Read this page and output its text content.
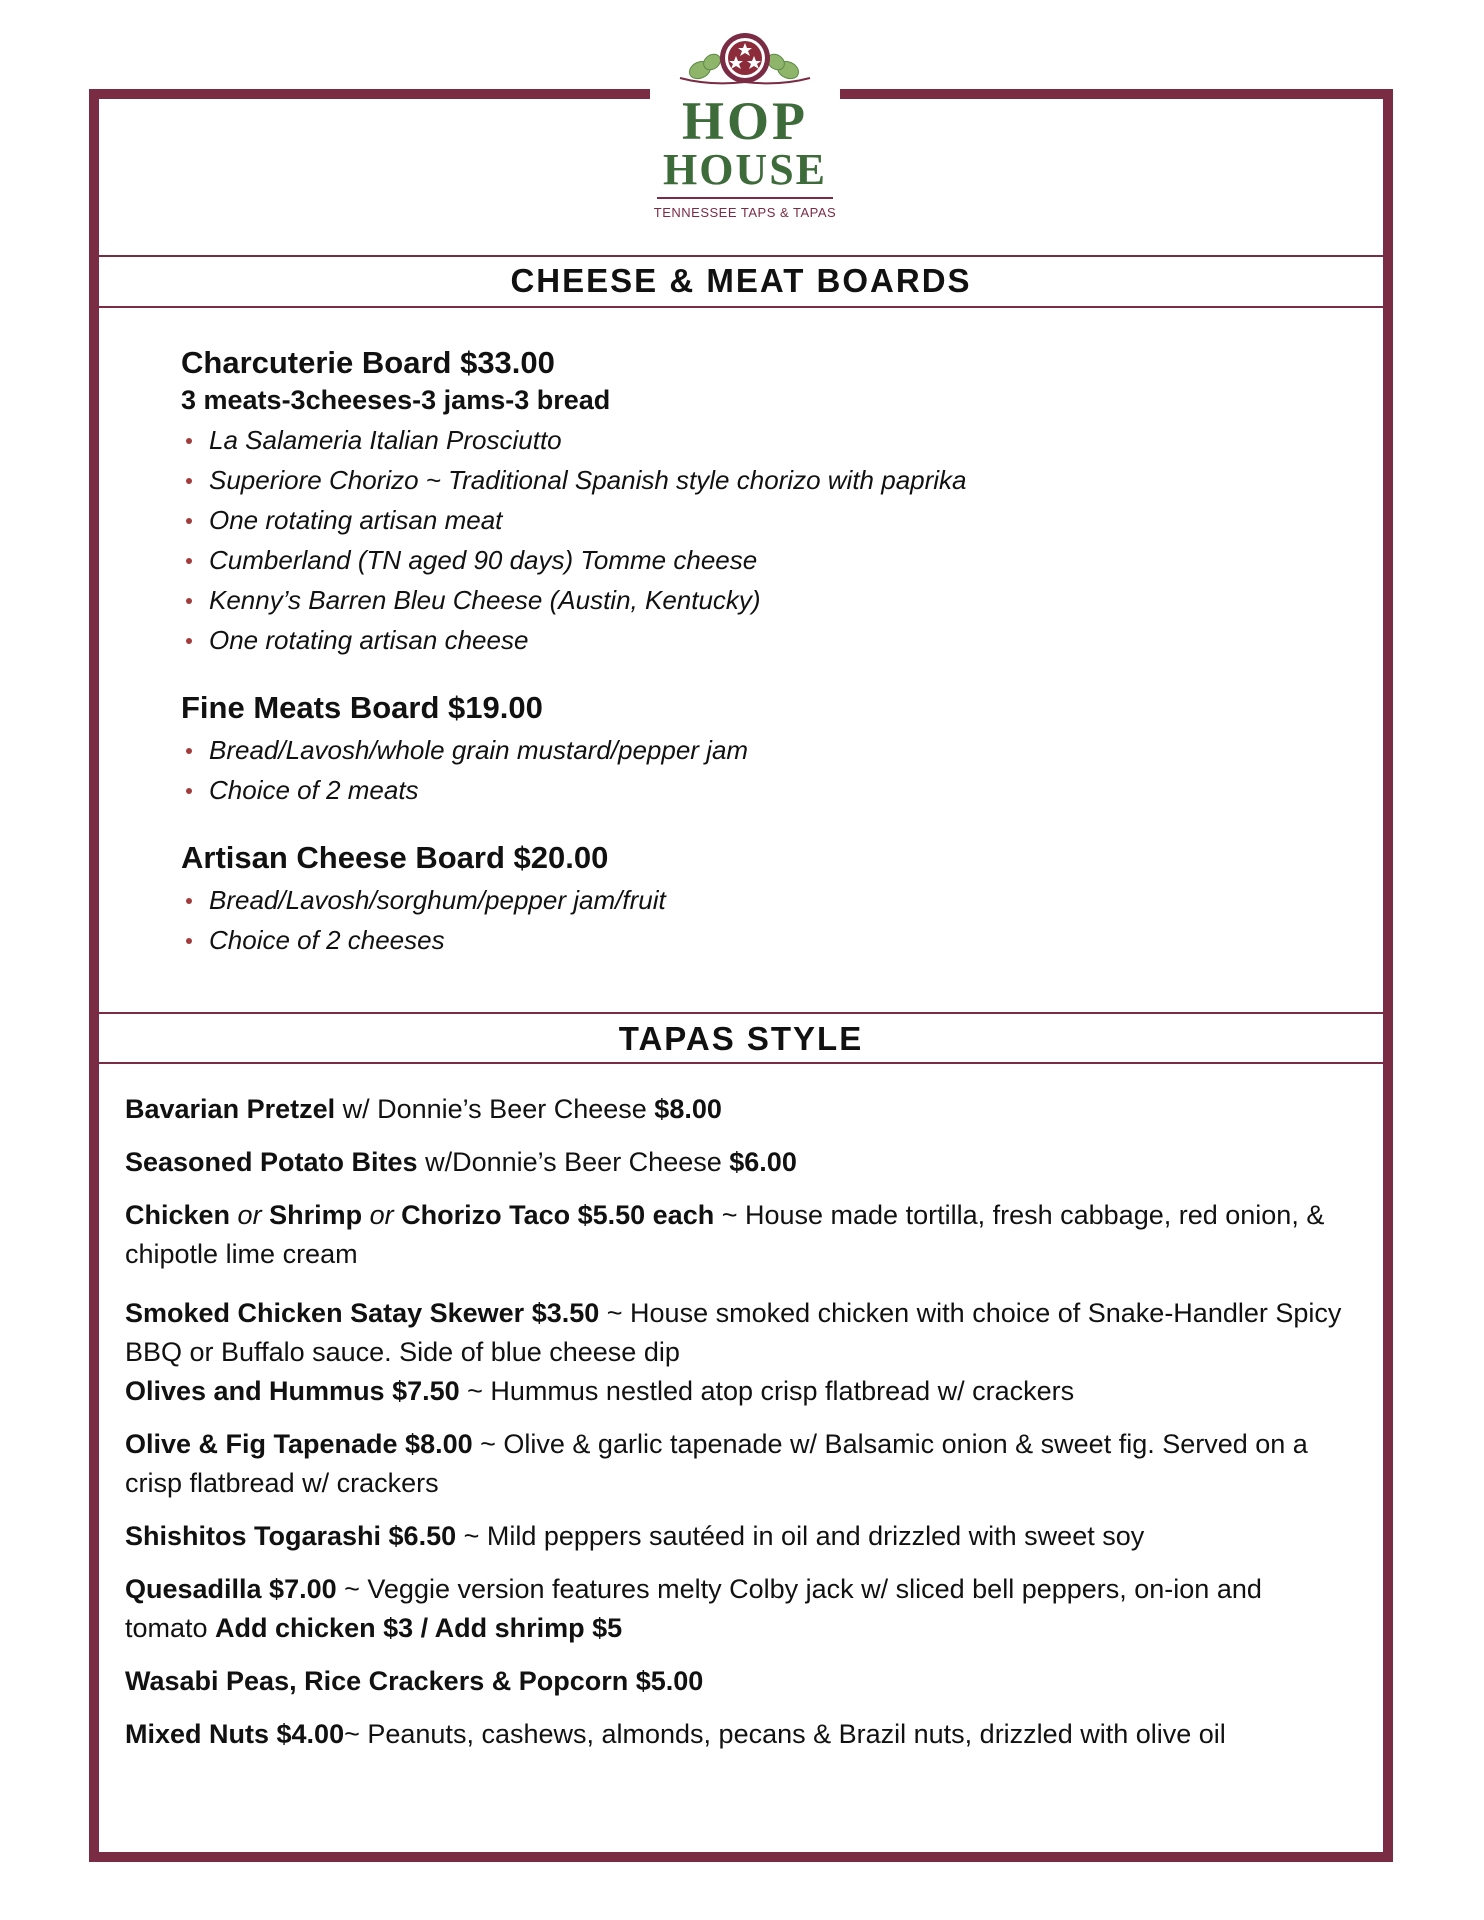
HOP
HOUSE
TENNESSEE TAPS & TAPAS
CHEESE & MEAT BOARDS
Charcuterie Board $33.00
3 meats-3cheeses-3 jams-3 bread
La Salameria Italian Prosciutto
Superiore Chorizo ~ Traditional Spanish style chorizo with paprika
One rotating artisan meat
Cumberland (TN aged 90 days) Tomme cheese
Kenny’s Barren Bleu Cheese (Austin, Kentucky)
One rotating artisan cheese
Fine Meats Board $19.00
Bread/Lavosh/whole grain mustard/pepper jam
Choice of 2 meats
Artisan Cheese Board $20.00
Bread/Lavosh/sorghum/pepper jam/fruit
Choice of 2 cheeses
TAPAS STYLE
Bavarian Pretzel w/ Donnie’s Beer Cheese $8.00
Seasoned Potato Bites w/Donnie’s Beer Cheese $6.00
Chicken or Shrimp or Chorizo Taco $5.50 each ~ House made tortilla, fresh cabbage, red onion, & chipotle lime cream
Smoked Chicken Satay Skewer $3.50 ~ House smoked chicken with choice of Snake-Handler Spicy BBQ or Buffalo sauce. Side of blue cheese dip
Olives and Hummus $7.50 ~ Hummus nestled atop crisp flatbread w/ crackers
Olive & Fig Tapenade $8.00 ~ Olive & garlic tapenade w/ Balsamic onion & sweet fig. Served on a crisp flatbread w/ crackers
Shishitos Togarashi $6.50 ~ Mild peppers sautéed in oil and drizzled with sweet soy
Quesadilla $7.00 ~ Veggie version features melty Colby jack w/ sliced bell peppers, on-ion and tomato Add chicken $3 / Add shrimp $5
Wasabi Peas, Rice Crackers & Popcorn $5.00
Mixed Nuts $4.00~ Peanuts, cashews, almonds, pecans & Brazil nuts, drizzled with olive oil
